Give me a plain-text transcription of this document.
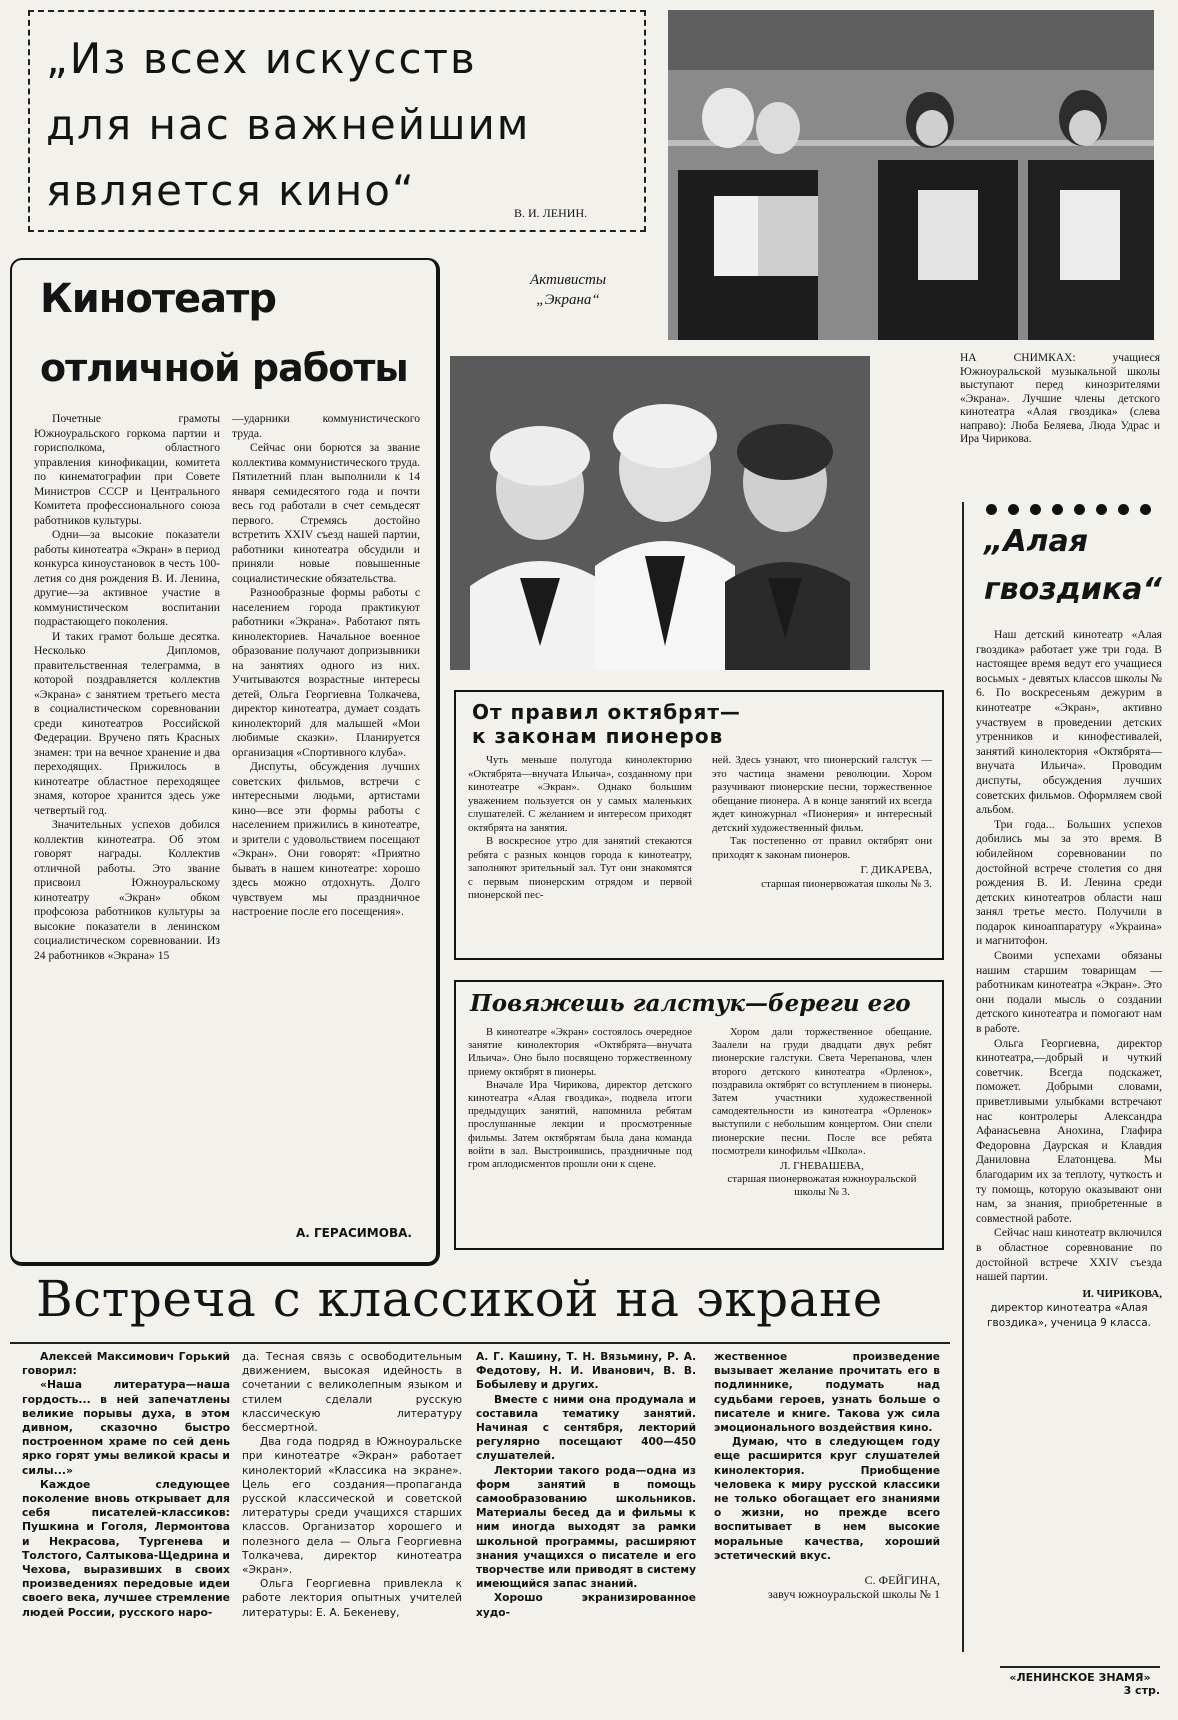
„Из всех искусств
для нас важнейшим
является кино“	В. И. ЛЕНИН.
Активисты
„Экрана“
НА СНИМКАХ: учащиеся Южноуральской музыкальной школы выступают перед кинозрителями «Экрана». Лучшие члены детского кинотеатра «Алая гвоздика» (слева направо): Люба Беляева, Люда Удрас и Ира Чирикова.
Кинотеатр
отличной работы

Почетные грамоты Южноуральского горкома партии и горисполкома, областного управления кинофикации, комитета по кинематографии при Совете Министров СССР и Центрального Комитета профессионального союза работников культуры.

Одни—за высокие показатели работы кинотеатра «Экран» в период конкурса киноустановок в честь 100-летия со дня рождения В. И. Ленина, другие—за активное участие в коммунистическом воспитании подрастающего поколения.

И таких грамот больше десятка. Несколько Дипломов, правительственная телеграмма, в которой поздравляется коллектив «Экрана» с занятием третьего места в социалистическом соревновании среди кинотеатров Российской Федерации. Вручено пять Красных знамен: три на вечное хранение и два переходящих. Прижилось в кинотеатре областное переходящее знамя, которое хранится здесь уже четвертый год.

Значительных успехов добился коллектив кинотеатра. Об этом говорят награды. Коллектив отличной работы. Это звание присвоил Южноуральскому кинотеатру «Экран» обком профсоюза работников культуры за высокие показатели в ленинском социалистическом соревновании. Из 24 работников «Экрана» 15

—ударники коммунистического труда.

Сейчас они борются за звание коллектива коммунистического труда. Пятилетний план выполнили к 14 января семидесятого года и почти весь год работали в счет семьдесят первого. Стремясь достойно встретить XXIV съезд нашей партии, работники кинотеатра обсудили и приняли новые повышенные социалистические обязательства.

Разнообразные формы работы с населением города практикуют работники «Экрана». Работают пять кинолекториев. Начальное военное образование получают допризывники на занятиях одного из них. Учитываются возрастные интересы детей, Ольга Георгиевна Толкачева, директор кинотеатра, думает создать кинолекторий для малышей «Мои любимые сказки». Планируется организация «Спортивного клуба».

Диспуты, обсуждения лучших советских фильмов, встречи с интересными людьми, артистами кино—все эти формы работы с населением прижились в кинотеатре, и зрители с удовольствием посещают «Экран». Они говорят: «Приятно бывать в нашем кинотеатре: хорошо здесь можно отдохнуть. Долго чувствуем мы праздничное настроение после его посещения».

А. ГЕРАСИМОВА.
От правил октябрят—
к законам пионеров

Чуть меньше полугода кинолекторию «Октябрята—внучата Ильича», созданному при кинотеатре «Экран». Однако большим уважением пользуется он у самых маленьких слушателей. С желанием и интересом приходят октябрята на занятия.

В воскресное утро для занятий стекаются ребята с разных концов города к кинотеатру, заполняют зрительный зал. Тут они знакомятся с первым пионерским отрядом и первой пионерской пес-

ней. Здесь узнают, что пионерский галстук — это частица знамени революции. Хором разучивают пионерские песни, торжественное обещание пионера. А в конце занятий их всегда ждет киножурнал «Пионерия» и интересный детский художественный фильм.

Так постепенно от правил октябрят они приходят к законам пионеров.

Г. ДИКАРЕВА,

старшая пионервожатая школы № 3.

Повяжешь галстук—береги его

В кинотеатре «Экран» состоялось очередное занятие кинолектория «Октябрята—внучата Ильича». Оно было посвящено торжественному приему октябрят в пионеры.

Вначале Ира Чирикова, директор детского кинотеатра «Алая гвоздика», подвела итоги предыдущих занятий, напомнила ребятам прослушанные лекции и просмотренные фильмы. Затем октябрятам была дана команда войти в зал. Выстроившись, праздничные под гром аплодисментов прошли они к сцене.

Хором дали торжественное обещание. Заалели на груди двадцати двух ребят пионерские галстуки. Света Черепанова, член второго детского кинотеатра «Орленок», поздравила октябрят со вступлением в пионеры. Затем участники художественной самодеятельности из кинотеатра «Орленок» выступили с небольшим концертом. Они спели пионерские песни. После все ребята посмотрели кинофильм «Школа».

Л. ГНЕВАШЕВА,

старшая пионервожатая южноуральской школы № 3.

„Алая
гвоздика“

Наш детский кинотеатр «Алая гвоздика» работает уже три года. В настоящее время ведут его учащиеся восьмых - девятых классов школы № 6. По воскресеньям дежурим в кинотеатре «Экран», активно участвуем в проведении детских утренников и кинофестивалей, занятий кинолектория «Октябрята—внучата Ильича». Проводим диспуты, обсуждения лучших советских фильмов. Оформляем свой альбом.

Три года... Больших успехов добились мы за это время. В юбилейном соревновании по достойной встрече столетия со дня рождения В. И. Ленина среди детских кинотеатров области наш занял третье место. Получили в подарок киноаппаратуру «Украина» и магнитофон.

Своими успехами обязаны нашим старшим товарищам — работникам кинотеатра «Экран». Это они подали мысль о создании детского кинотеатра и помогают нам в работе.

Ольга Георгиевна, директор кинотеатра,—добрый и чуткий советчик. Всегда подскажет, поможет. Добрыми словами, приветливыми улыбками встречают нас контролеры Александра Афанасьевна Анохина, Глафира Федоровна Даурская и Клавдия Даниловна Елатонцева. Мы благодарим их за теплоту, чуткость и ту помощь, которую оказывают они нам, за знания, приобретенные в совместной работе.

Сейчас наш кинотеатр включился в областное соревнование по достойной встрече XXIV съезда нашей партии.

И. ЧИРИКОВА,

директор кинотеатра «Алая гвоздика», ученица 9 класса.

«ЛЕНИНСКОЕ ЗНАМЯ»
3 стр.
Встреча с классикой на экране

Алексей Максимович Горький говорил:

«Наша литература—наша гордость... в ней запечатлены великие порывы духа, в этом дивном, сказочно быстро построенном храме по сей день ярко горят умы великой красы и силы...»

Каждое следующее поколение вновь открывает для себя писателей-классиков: Пушкина и Гоголя, Лермонтова и Некрасова, Тургенева и Толстого, Салтыкова-Щедрина и Чехова, выразивших в своих произведениях передовые идеи своего века, лучшее стремление людей России, русского наро-

да. Тесная связь с освободительным движением, высокая идейность в сочетании с великолепным языком и стилем сделали русскую классическую литературу бессмертной.

Два года подряд в Южноуральске при кинотеатре «Экран» работает кинолекторий «Классика на экране». Цель его создания—пропаганда русской классической и советской литературы среди учащихся старших классов. Организатор хорошего и полезного дела — Ольга Георгиевна Толкачева, директор кинотеатра «Экран».

Ольга Георгиевна привлекла к работе лектория опытных учителей литературы: Е. А. Бекеневу,

А. Г. Кашину, Т. Н. Вязьмину, Р. А. Федотову, Н. И. Иванович, В. В. Бобылеву и других.

Вместе с ними она продумала и составила тематику занятий. Начиная с сентября, лекторий регулярно посещают 400—450 слушателей.

Лектории такого рода—одна из форм занятий в помощь самообразованию школьников. Материалы бесед да и фильмы к ним иногда выходят за рамки школьной программы, расширяют знания учащихся о писателе и его творчестве или приводят в систему имеющийся запас знаний.

Хорошо экранизированное худо-

жественное произведение вызывает желание прочитать его в подлиннике, подумать над судьбами героев, узнать больше о писателе и книге. Такова уж сила эмоционального воздействия кино.

Думаю, что в следующем году еще расширится круг слушателей кинолектория. Приобщение человека к миру русской классики не только обогащает его знаниями о жизни, но прежде всего воспитывает в нем высокие моральные качества, хороший эстетический вкус.

С. ФЕЙГИНА,

завуч южноуральской школы № 1
